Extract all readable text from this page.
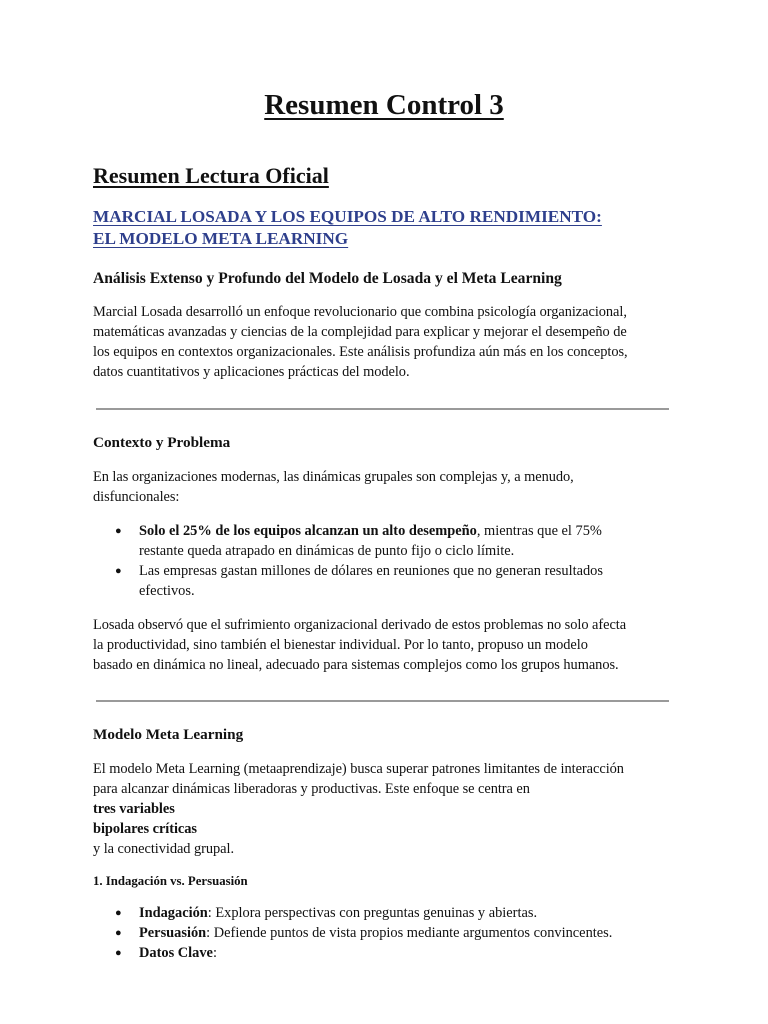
Resumen Control 3
Resumen Lectura Oficial
MARCIAL LOSADA Y LOS EQUIPOS DE ALTO RENDIMIENTO:
EL MODELO META LEARNING
Análisis Extenso y Profundo del Modelo de Losada y el Meta Learning

Marcial Losada desarrolló un enfoque revolucionario que combina psicología organizacional,
matemáticas avanzadas y ciencias de la complejidad para explicar y mejorar el desempeño de
los equipos en contextos organizacionales. Este análisis profundiza aún más en los conceptos,
datos cuantitativos y aplicaciones prácticas del modelo.

Contexto y Problema

En las organizaciones modernas, las dinámicas grupales son complejas y, a menudo,
disfuncionales:

● Solo el 25% de los equipos alcanzan un alto desempeño, mientras que el 75%
restante queda atrapado en dinámicas de punto fijo o ciclo límite.
● Las empresas gastan millones de dólares en reuniones que no generan resultados
efectivos.

Losada observó que el sufrimiento organizacional derivado de estos problemas no solo afecta
la productividad, sino también el bienestar individual. Por lo tanto, propuso un modelo
basado en dinámica no lineal, adecuado para sistemas complejos como los grupos humanos.

Modelo Meta Learning

El modelo Meta Learning (metaaprendizaje) busca superar patrones limitantes de interacción
para alcanzar dinámicas liberadoras y productivas. Este enfoque se centra en
tres variables
bipolares críticas
y la conectividad grupal.

1. Indagación vs. Persuasión
● Indagación: Explora perspectivas con preguntas genuinas y abiertas.
● Persuasión: Defiende puntos de vista propios mediante argumentos convincentes.
● Datos Clave:
